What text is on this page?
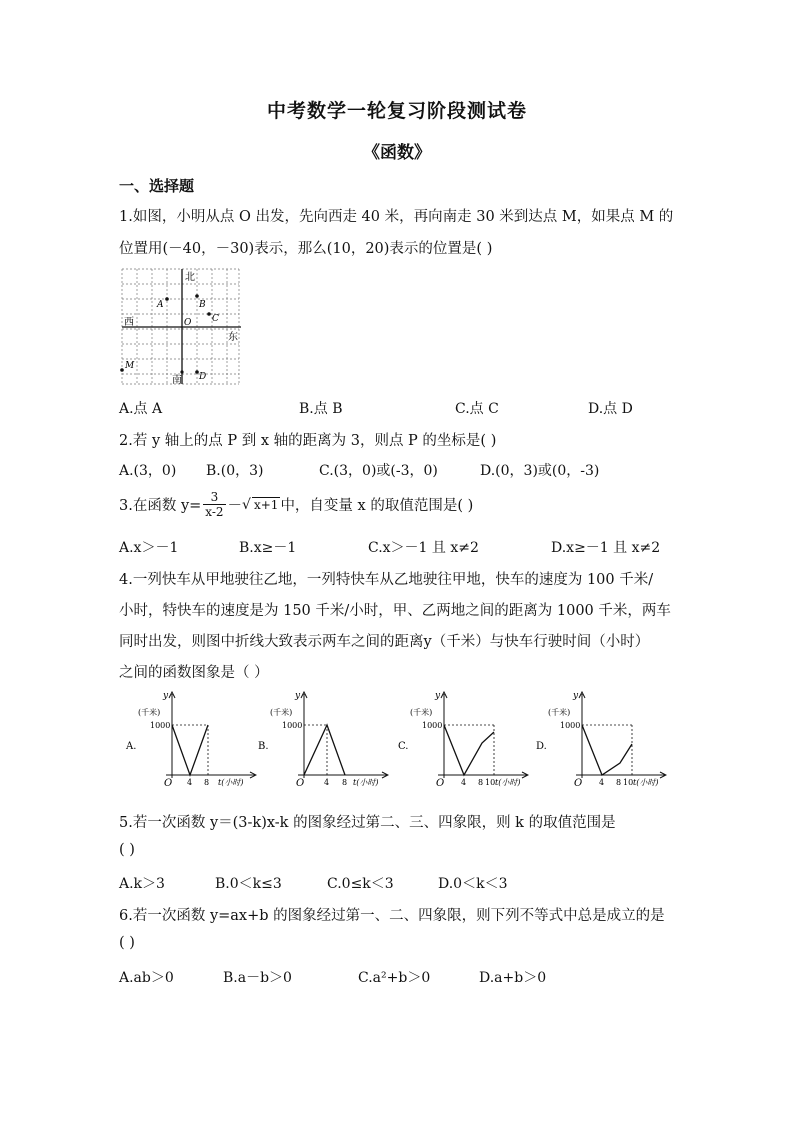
中考数学一轮复习阶段测试卷
《函数》
一、选择题
1.如图，小明从点 O 出发，先向西走 40 米，再向南走 30 米到达点 M，如果点 M 的
位置用(－40，－30)表示，那么(10，20)表示的位置是( )
北
南
西
东
O
A	B
C
D
M
A.点 A	B.点 B	C.点 C	D.点 D
2.若 y 轴上的点 P 到 x 轴的距离为 3，则点 P 的坐标是( )
A.(3，0) B.(0，3)	C.(3，0)或(-3，0)	D.(0，3)或(0，-3)
3.在函数 $y= \frac{3}{x-2}$ － √ x+1 中，自变量 x 的取值范围是( )
A.x＞－1	B.x≥－1	C.x＞－1 且 x≠2	D.x≥－1 且 x≠2
4.一列快车从甲地驶往乙地，一列特快车从乙地驶往甲地，快车的速度为 100 千米/
小时，特快车的速度是为 150 千米/小时，甲、乙两地之间的距离为 1000 千米，两车
同时出发，则图中折线大致表示两车之间的距离y（千米）与快车行驶时间（小时）
之间的函数图象是（ ）
A.
y
(千米)
1000
O 4 8 t(小时)
B.
y
(千米)
1000
O 4 8 t(小时)
C.
y
(千米)
1000
O 4 8 10 t(小时)
D.
y
(千米)
1000
O 4 8 10 t(小时)
5.若一次函数 y＝(3-k)x-k 的图象经过第二、三、四象限，则 k 的取值范围是
( )
A.k＞3	B.0＜k≤3	C.0≤k＜3	D.0＜k＜3
6.若一次函数 y=ax+b 的图象经过第一、二、四象限，则下列不等式中总是成立的是
( )
A.ab＞0	B.a－b＞0	C.a²+b＞0	D.a+b＞0
